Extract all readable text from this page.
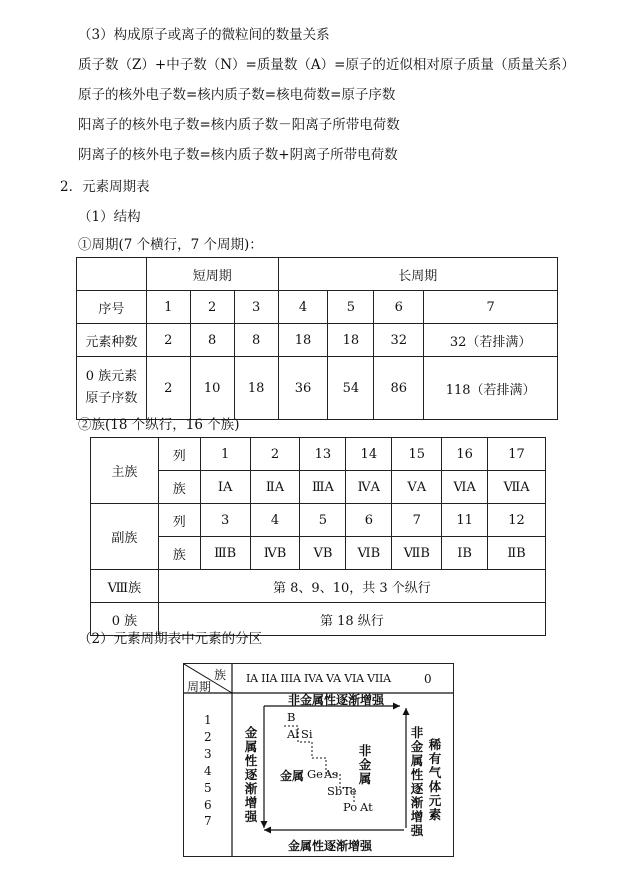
（3）构成原子或离子的微粒间的数量关系
质子数（Z）+中子数（N）=质量数（A）=原子的近似相对原子质量（质量关系）
原子的核外电子数=核内质子数=核电荷数=原子序数
阳离子的核外电子数=核内质子数－阳离子所带电荷数
阴离子的核外电子数=核内质子数+阴离子所带电荷数
2．元素周期表
（1）结构
①周期(7 个横行，7 个周期)：
	短周期			长周期			
序号	1	2	3	4	5	6	7
元素种数	2	8	8	18	18	32	32（若排满）

0 族元素
原子序数	2	10	18	36	54	86	118（若排满）
②族(18 个纵行，16 个族)
主族	列	1	2	13	14	15	16	17
	族	ⅠA	ⅡA	ⅢA	ⅣA	ⅤA	ⅥA	ⅦA
副族	列	3	4	5	6	7	11	12
	族	ⅢB	ⅣB	ⅤB	ⅥB	ⅦB	ⅠB	ⅡB
Ⅷ族	第 8、9、10，共 3 个纵行							
0 族	第 18 纵行							
（2）元素周期表中元素的分区
族
周期
IA IIA IIIA IVA VA VIA VIIA	0
1
2
3
4
5
6
7
非金属性逐渐增强
金属性逐渐增强
金属性逐渐增强
非金属性逐渐增强
稀有气体元素
非金属
金属
B
Al Si
Ge As
Sb Te
Po At
